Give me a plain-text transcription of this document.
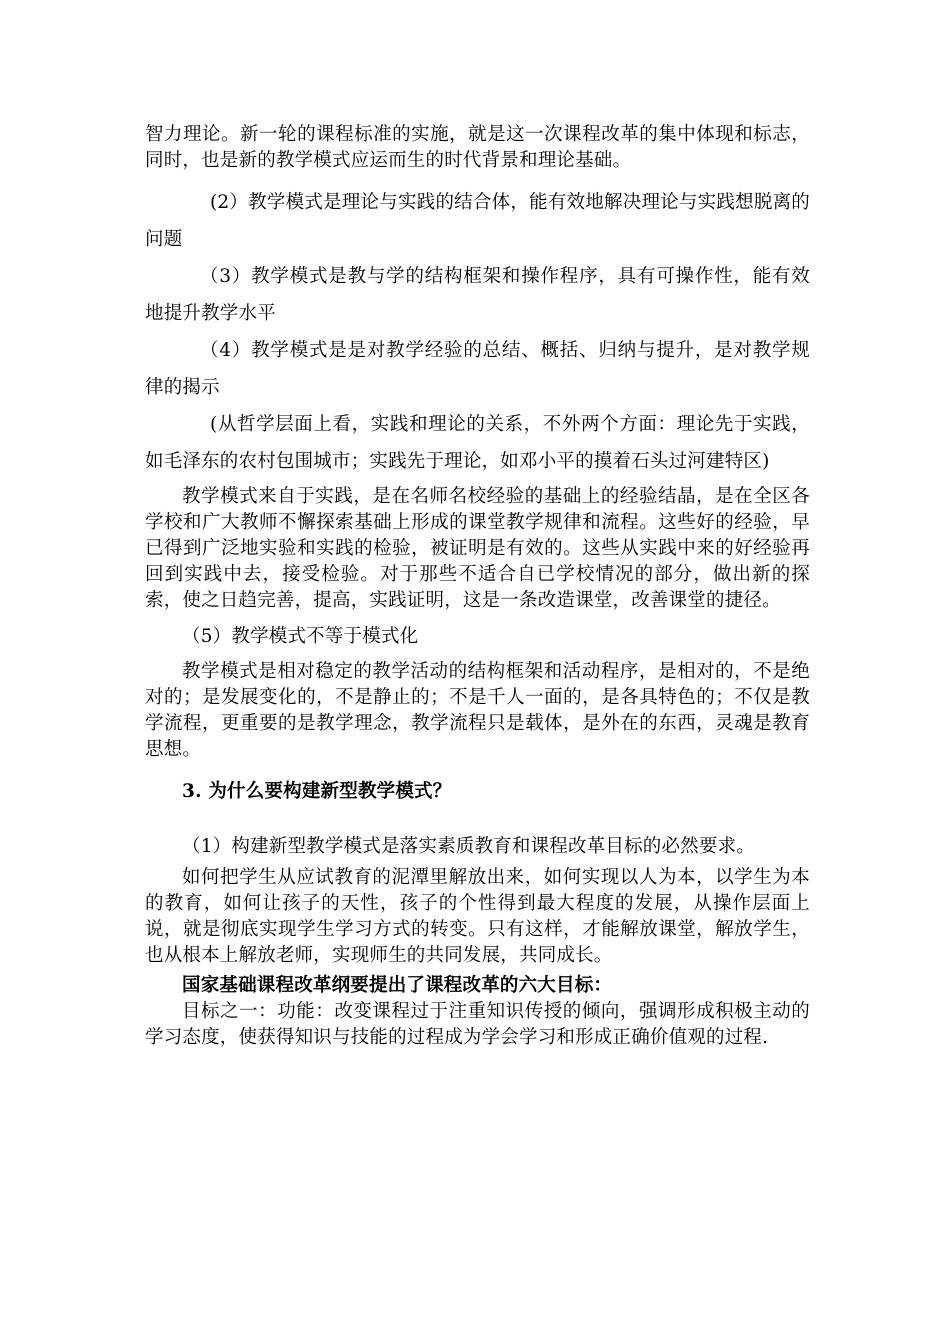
智力理论。新一轮的课程标准的实施，就是这一次课程改革的集中体现和标志，同时，也是新的教学模式应运而生的时代背景和理论基础。

(2）教学模式是理论与实践的结合体，能有效地解决理论与实践想脱离的问题

（3）教学模式是教与学的结构框架和操作程序，具有可操作性，能有效地提升教学水平

（4）教学模式是是对教学经验的总结、概括、归纳与提升，是对教学规律的揭示

(从哲学层面上看，实践和理论的关系，不外两个方面：理论先于实践，如毛泽东的农村包围城市；实践先于理论，如邓小平的摸着石头过河建特区)

教学模式来自于实践，是在名师名校经验的基础上的经验结晶，是在全区各学校和广大教师不懈探索基础上形成的课堂教学规律和流程。这些好的经验，早已得到广泛地实验和实践的检验，被证明是有效的。这些从实践中来的好经验再回到实践中去，接受检验。对于那些不适合自已学校情况的部分，做出新的探索，使之日趋完善，提高，实践证明，这是一条改造课堂，改善课堂的捷径。

（5）教学模式不等于模式化

教学模式是相对稳定的教学活动的结构框架和活动程序，是相对的，不是绝对的；是发展变化的，不是静止的；不是千人一面的，是各具特色的；不仅是教学流程，更重要的是教学理念，教学流程只是载体，是外在的东西，灵魂是教育思想。

3. 为什么要构建新型教学模式？

（1）构建新型教学模式是落实素质教育和课程改革目标的必然要求。

如何把学生从应试教育的泥潭里解放出来，如何实现以人为本，以学生为本的教育，如何让孩子的天性，孩子的个性得到最大程度的发展，从操作层面上说，就是彻底实现学生学习方式的转变。只有这样，才能解放课堂，解放学生，也从根本上解放老师，实现师生的共同发展，共同成长。

国家基础课程改革纲要提出了课程改革的六大目标：

目标之一：功能：改变课程过于注重知识传授的倾向，强调形成积极主动的学习态度，使获得知识与技能的过程成为学会学习和形成正确价值观的过程.
